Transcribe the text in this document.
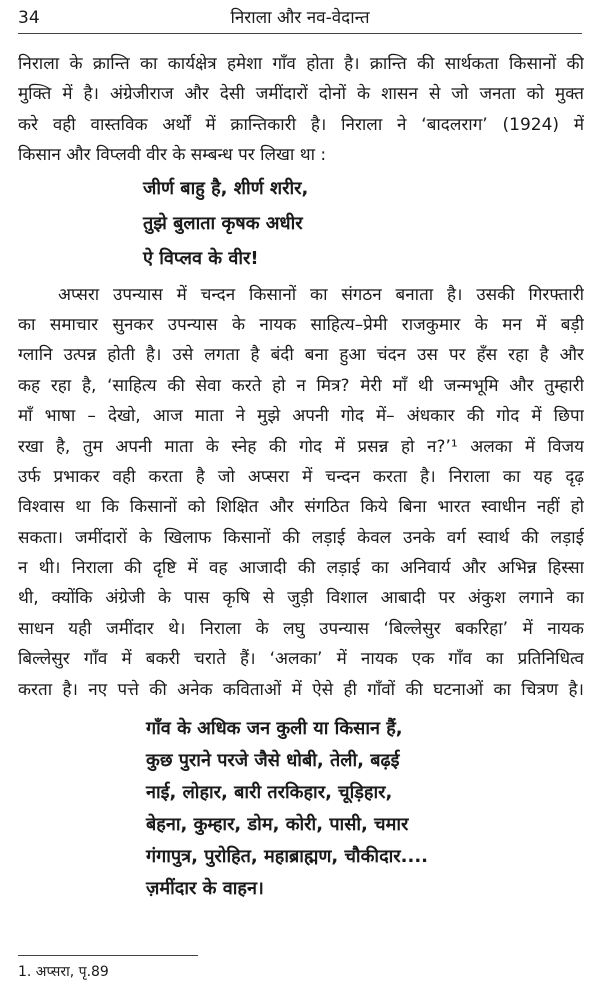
34	निराला और नव-वेदान्त
निराला के क्रान्ति का कार्यक्षेत्र हमेशा गाँव होता है। क्रान्ति की सार्थकता किसानों की
मुक्ति में है। अंग्रेजीराज और देसी जमींदारों दोनों के शासन से जो जनता को मुक्त
करे वही वास्तविक अर्थों में क्रान्तिकारी है। निराला ने ‘बादलराग’ (1924) में
किसान और विप्लवी वीर के सम्बन्ध पर लिखा था :
जीर्ण बाहु है, शीर्ण शरीर,
तुझे बुलाता कृषक अधीर
ऐ विप्लव के वीर!
अप्सरा उपन्यास में चन्दन किसानों का संगठन बनाता है। उसकी गिरफ्तारी
का समाचार सुनकर उपन्यास के नायक साहित्य–प्रेमी राजकुमार के मन में बड़ी
ग्लानि उत्पन्न होती है। उसे लगता है बंदी बना हुआ चंदन उस पर हँस रहा है और
कह रहा है, ‘साहित्य की सेवा करते हो न मित्र? मेरी माँ थी जन्मभूमि और तुम्हारी
माँ भाषा – देखो, आज माता ने मुझे अपनी गोद में– अंधकार की गोद में छिपा
रखा है, तुम अपनी माता के स्नेह की गोद में प्रसन्न हो न?’¹ अलका में विजय
उर्फ प्रभाकर वही करता है जो अप्सरा में चन्दन करता है। निराला का यह दृढ़
विश्वास था कि किसानों को शिक्षित और संगठित किये बिना भारत स्वाधीन नहीं हो
सकता। जमींदारों के खिलाफ किसानों की लड़ाई केवल उनके वर्ग स्वार्थ की लड़ाई
न थी। निराला की दृष्टि में वह आजादी की लड़ाई का अनिवार्य और अभिन्न हिस्सा
थी, क्योंकि अंग्रेजी के पास कृषि से जुड़ी विशाल आबादी पर अंकुश लगाने का
साधन यही जमींदार थे। निराला के लघु उपन्यास ‘बिल्लेसुर बकरिहा’ में नायक
बिल्लेसुर गाँव में बकरी चराते हैं। ‘अलका’ में नायक एक गाँव का प्रतिनिधित्व
करता है। नए पत्ते की अनेक कविताओं में ऐसे ही गाँवों की घटनाओं का चित्रण है।
गाँव के अधिक जन कुली या किसान हैं,
कुछ पुराने परजे जैसे धोबी, तेली, बढ़ई
नाई, लोहार, बारी तरकिहार, चूड़िहार,
बेहना, कुम्हार, डोम, कोरी, पासी, चमार
गंगापुत्र, पुरोहित, महाब्राह्मण, चौकीदार....
ज़मींदार के वाहन।
1. अप्सरा, पृ.89
